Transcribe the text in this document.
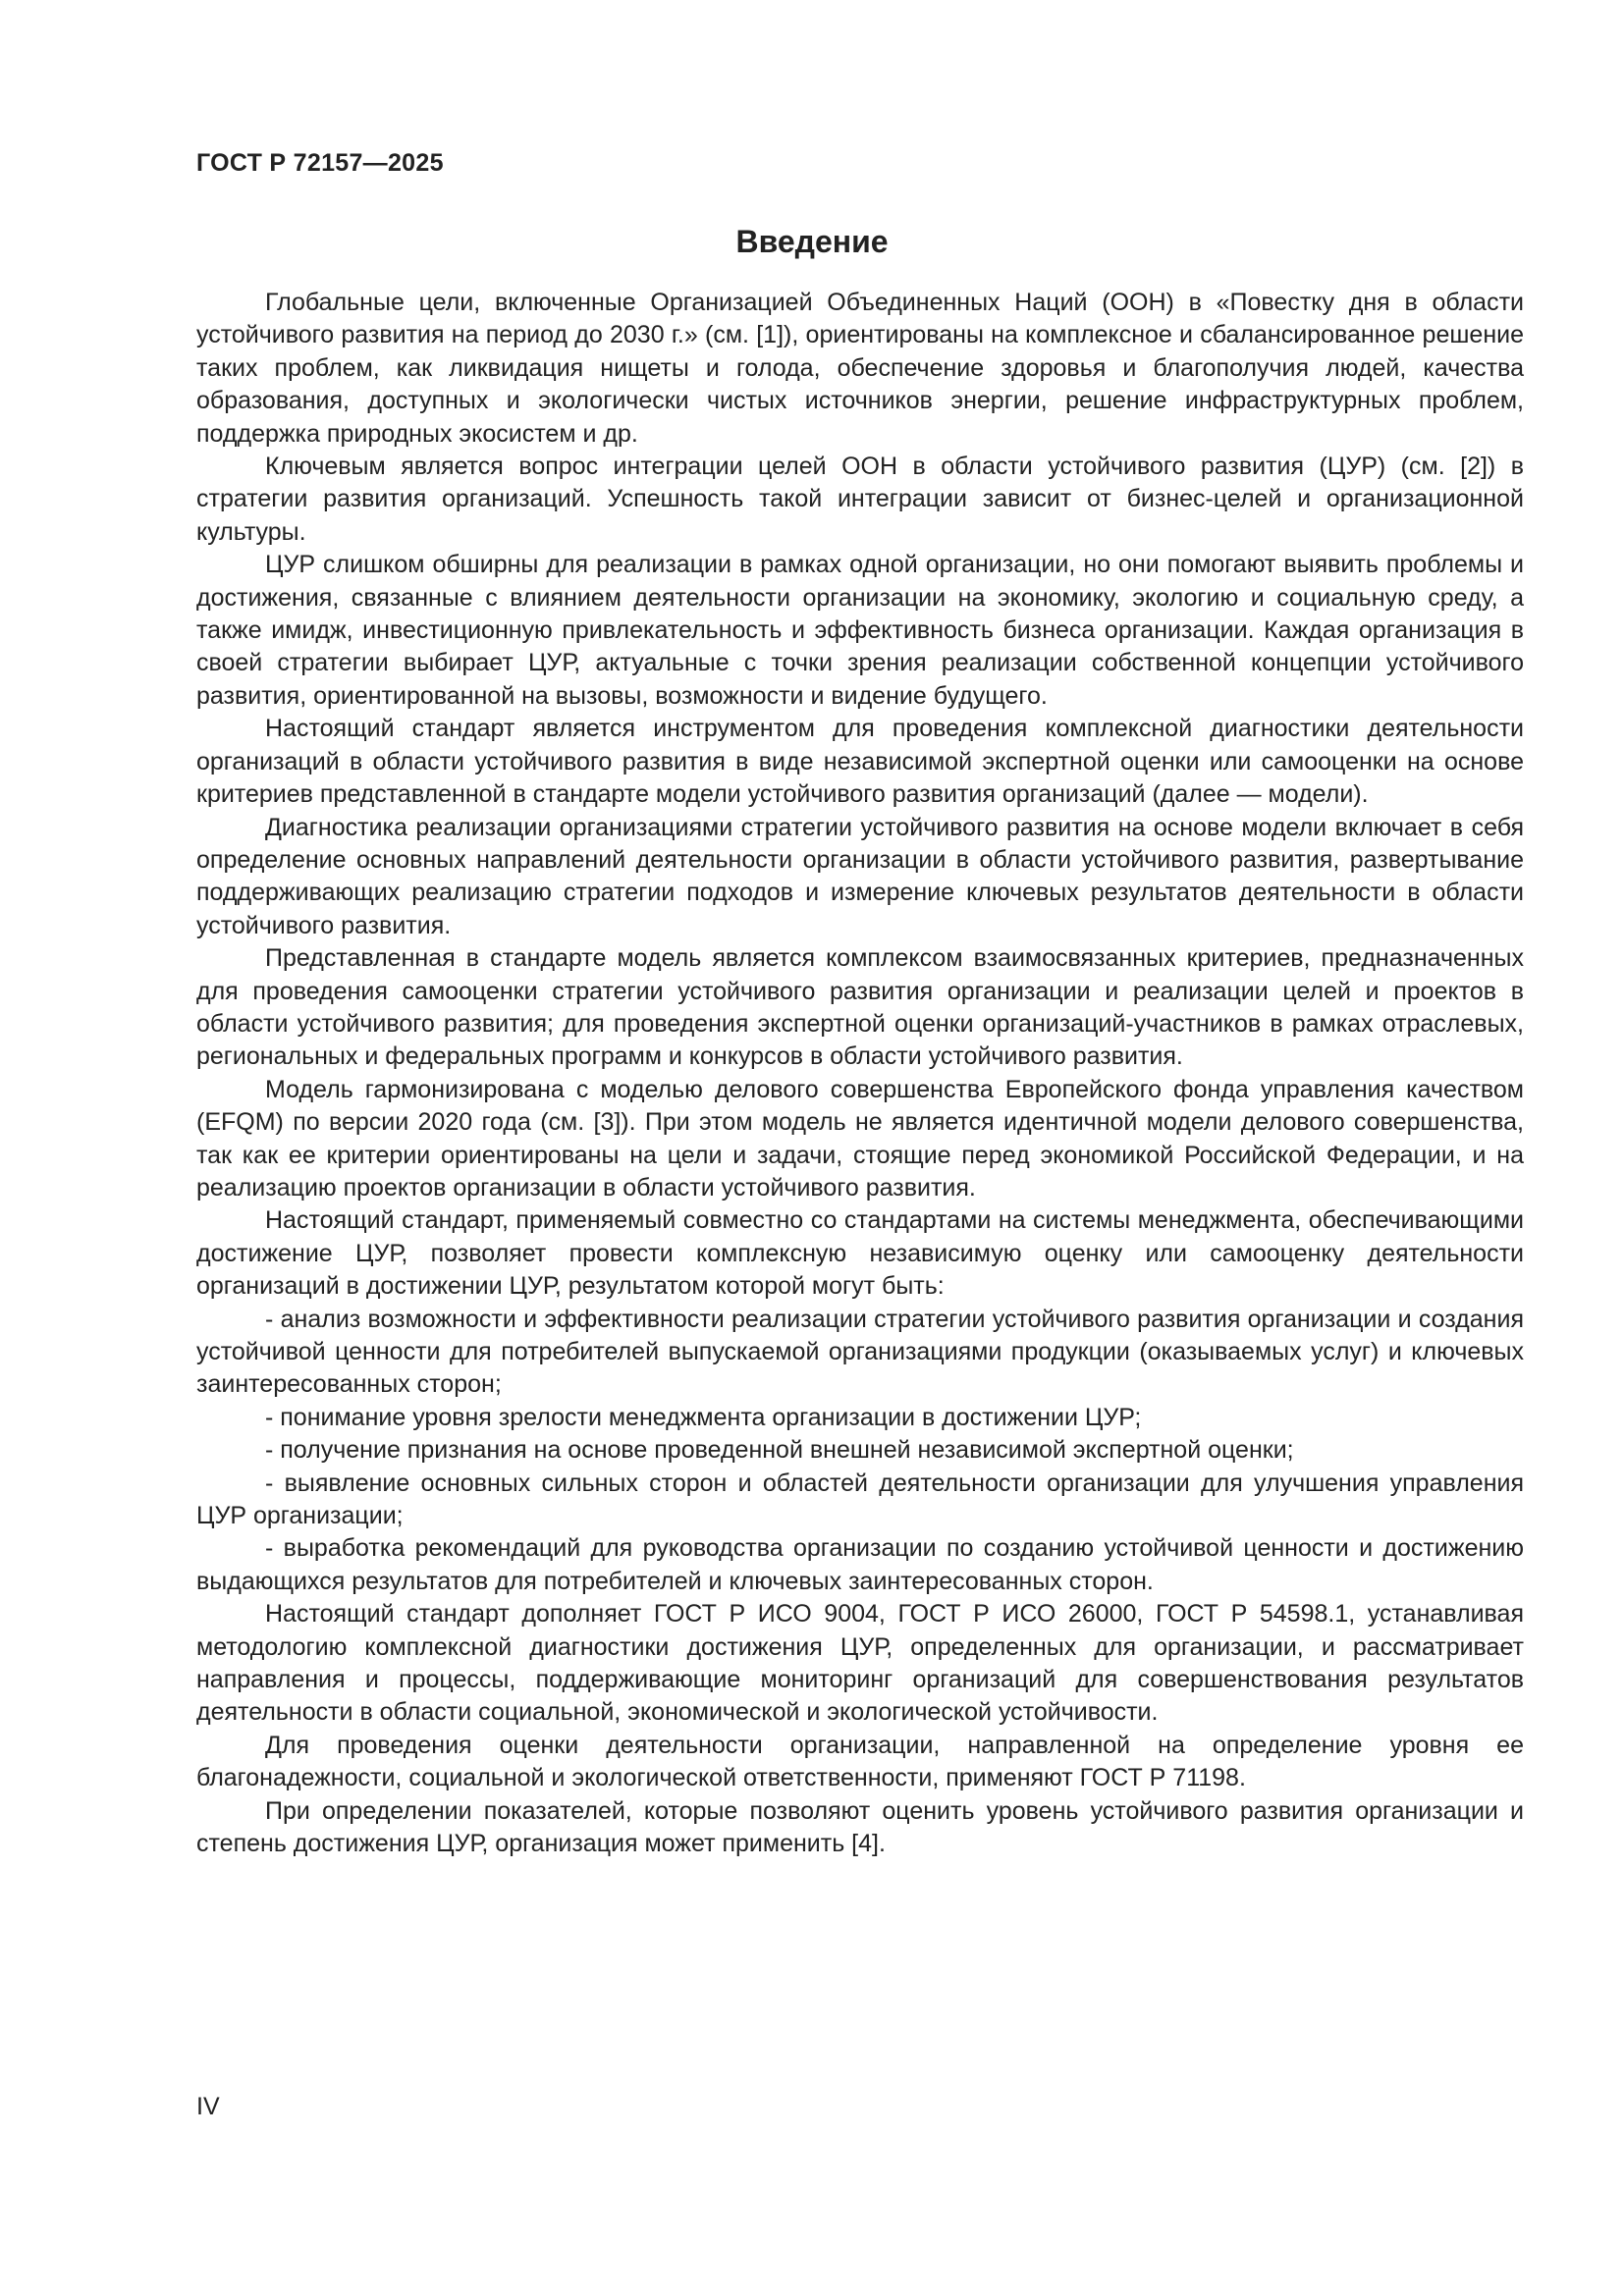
ГОСТ Р 72157—2025

Введение

Глобальные цели, включенные Организацией Объединенных Наций (ООН) в «Повестку дня в области устойчивого развития на период до 2030 г.» (см. [1]), ориентированы на комплексное и сбалансированное решение таких проблем, как ликвидация нищеты и голода, обеспечение здоровья и благополучия людей, качества образования, доступных и экологически чистых источников энергии, решение инфраструктурных проблем, поддержка природных экосистем и др.

Ключевым является вопрос интеграции целей ООН в области устойчивого развития (ЦУР) (см. [2]) в стратегии развития организаций. Успешность такой интеграции зависит от бизнес-целей и организационной культуры.

ЦУР слишком обширны для реализации в рамках одной организации, но они помогают выявить проблемы и достижения, связанные с влиянием деятельности организации на экономику, экологию и социальную среду, а также имидж, инвестиционную привлекательность и эффективность бизнеса организации. Каждая организация в своей стратегии выбирает ЦУР, актуальные с точки зрения реализации собственной концепции устойчивого развития, ориентированной на вызовы, возможности и видение будущего.

Настоящий стандарт является инструментом для проведения комплексной диагностики деятельности организаций в области устойчивого развития в виде независимой экспертной оценки или самооценки на основе критериев представленной в стандарте модели устойчивого развития организаций (далее — модели).

Диагностика реализации организациями стратегии устойчивого развития на основе модели включает в себя определение основных направлений деятельности организации в области устойчивого развития, развертывание поддерживающих реализацию стратегии подходов и измерение ключевых результатов деятельности в области устойчивого развития.

Представленная в стандарте модель является комплексом взаимосвязанных критериев, предназначенных для проведения самооценки стратегии устойчивого развития организации и реализации целей и проектов в области устойчивого развития; для проведения экспертной оценки организаций-участников в рамках отраслевых, региональных и федеральных программ и конкурсов в области устойчивого развития.

Модель гармонизирована с моделью делового совершенства Европейского фонда управления качеством (EFQM) по версии 2020 года (см. [3]). При этом модель не является идентичной модели делового совершенства, так как ее критерии ориентированы на цели и задачи, стоящие перед экономикой Российской Федерации, и на реализацию проектов организации в области устойчивого развития.

Настоящий стандарт, применяемый совместно со стандартами на системы менеджмента, обеспечивающими достижение ЦУР, позволяет провести комплексную независимую оценку или самооценку деятельности организаций в достижении ЦУР, результатом которой могут быть:

- анализ возможности и эффективности реализации стратегии устойчивого развития организации и создания устойчивой ценности для потребителей выпускаемой организациями продукции (оказываемых услуг) и ключевых заинтересованных сторон;

- понимание уровня зрелости менеджмента организации в достижении ЦУР;

- получение признания на основе проведенной внешней независимой экспертной оценки;

- выявление основных сильных сторон и областей деятельности организации для улучшения управления ЦУР организации;

- выработка рекомендаций для руководства организации по созданию устойчивой ценности и достижению выдающихся результатов для потребителей и ключевых заинтересованных сторон.

Настоящий стандарт дополняет ГОСТ Р ИСО 9004, ГОСТ Р ИСО 26000, ГОСТ Р 54598.1, устанавливая методологию комплексной диагностики достижения ЦУР, определенных для организации, и рассматривает направления и процессы, поддерживающие мониторинг организаций для совершенствования результатов деятельности в области социальной, экономической и экологической устойчивости.

Для проведения оценки деятельности организации, направленной на определение уровня ее благонадежности, социальной и экологической ответственности, применяют ГОСТ Р 71198.

При определении показателей, которые позволяют оценить уровень устойчивого развития организации и степень достижения ЦУР, организация может применить [4].

IV
